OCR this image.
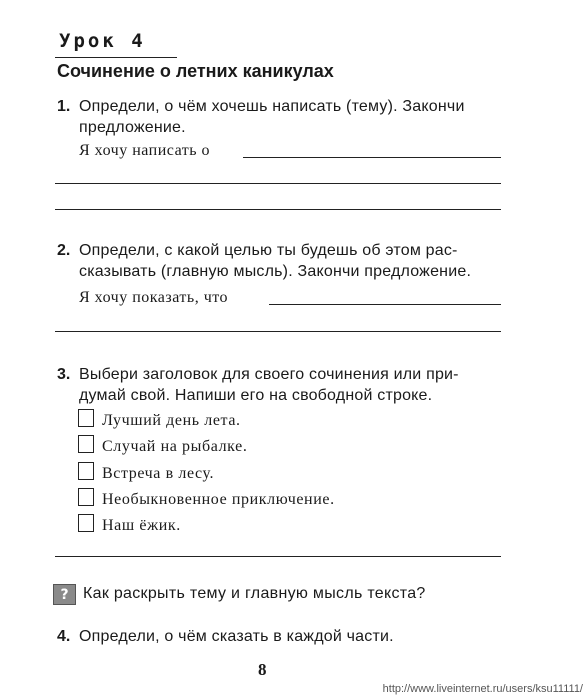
Урок 4
Сочинение о летних каникулах
1. Определи, о чём хочешь написать (тему). Закончи
предложение.
Я хочу написать о
2. Определи, с какой целью ты будешь об этом рас-
сказывать (главную мысль). Закончи предложение.
Я хочу показать, что
3. Выбери заголовок для своего сочинения или при-
думай свой. Напиши его на свободной строке.
Лучший день лета.
Случай на рыбалке.
Встреча в лесу.
Необыкновенное приключение.
Наш ёжик.
? Как раскрыть тему и главную мысль текста?
4. Определи, о чём сказать в каждой части.
8
http://www.liveinternet.ru/users/ksu11111/
